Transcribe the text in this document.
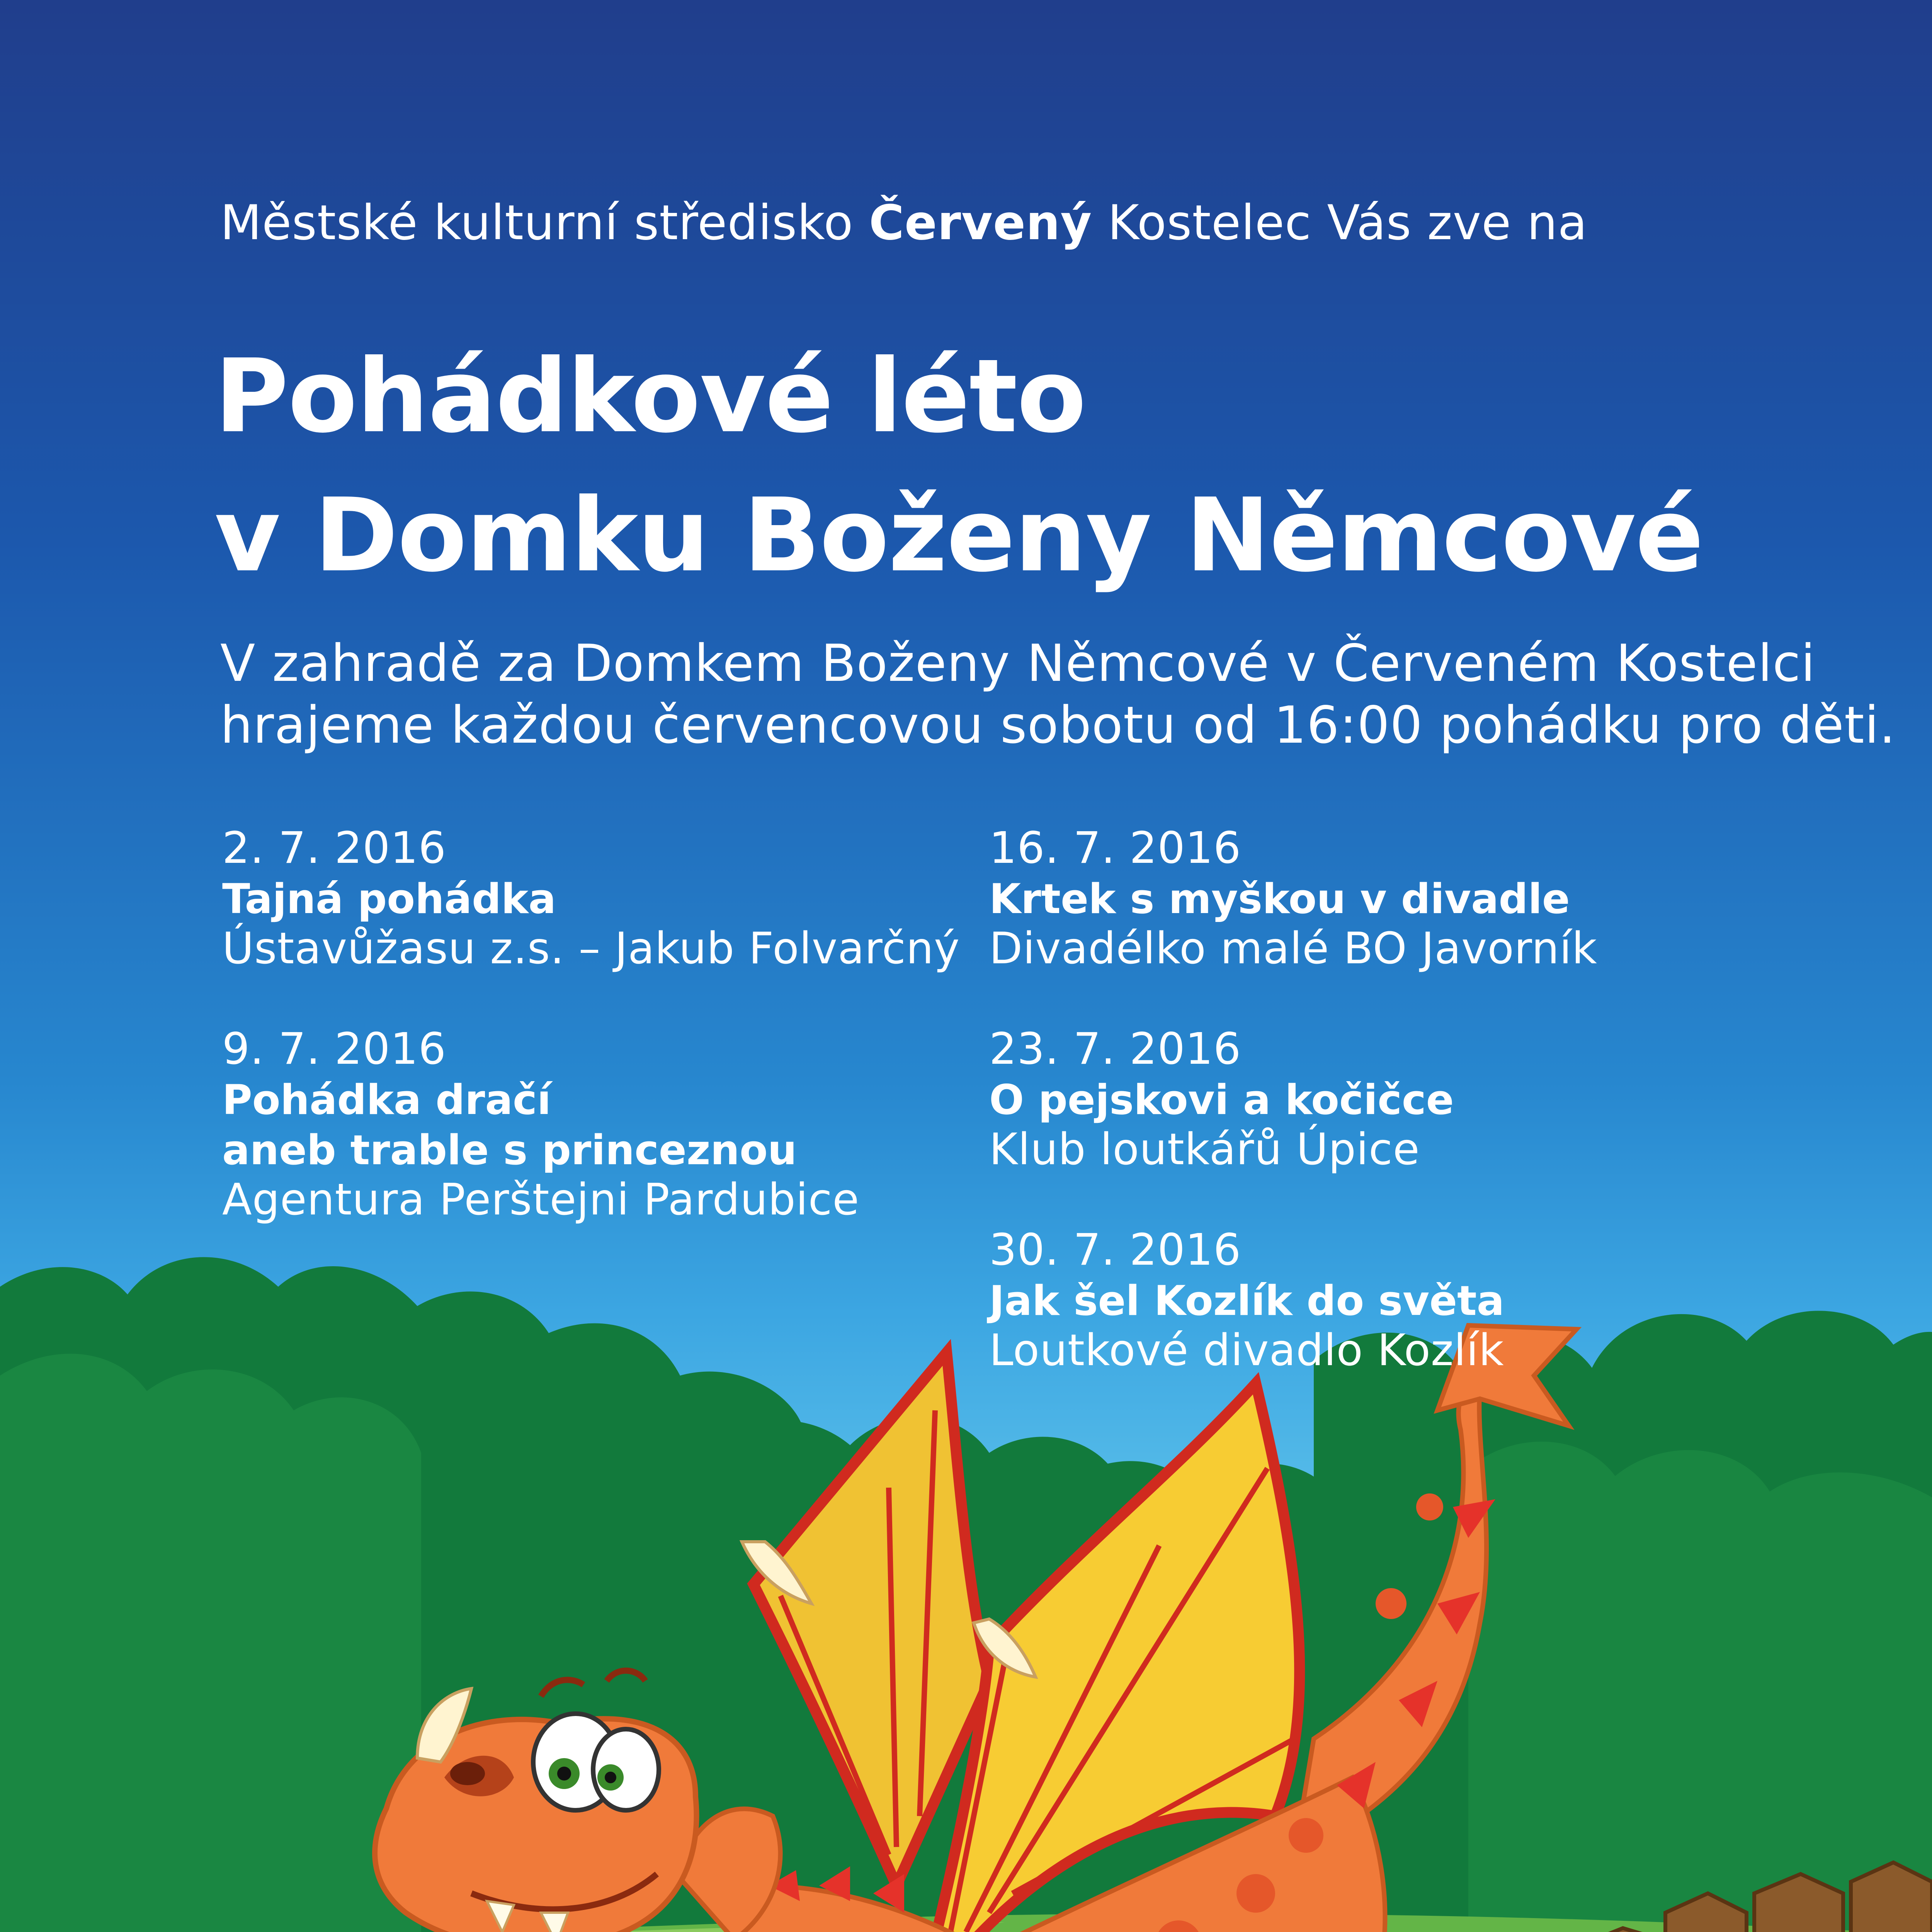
Městské kulturní středisko Červený Kostelec Vás zve na
Pohádkové léto
v Domku Boženy Němcové
V zahradě za Domkem Boženy Němcové v Červeném Kostelci
hrajeme každou červencovou sobotu od 16:00 pohádku pro děti.
2. 7. 2016
Tajná pohádka
Ústavůžasu z.s. – Jakub Folvarčný
9. 7. 2016
Pohádka dračí
aneb trable s princeznou
Agentura Perštejni Pardubice
16. 7. 2016
Krtek s myškou v divadle
Divadélko malé BO Javorník
23. 7. 2016
O pejskovi a kočičce
Klub loutkářů Úpice
30. 7. 2016
Jak šel Kozlík do světa
Loutkové divadlo Kozlík
